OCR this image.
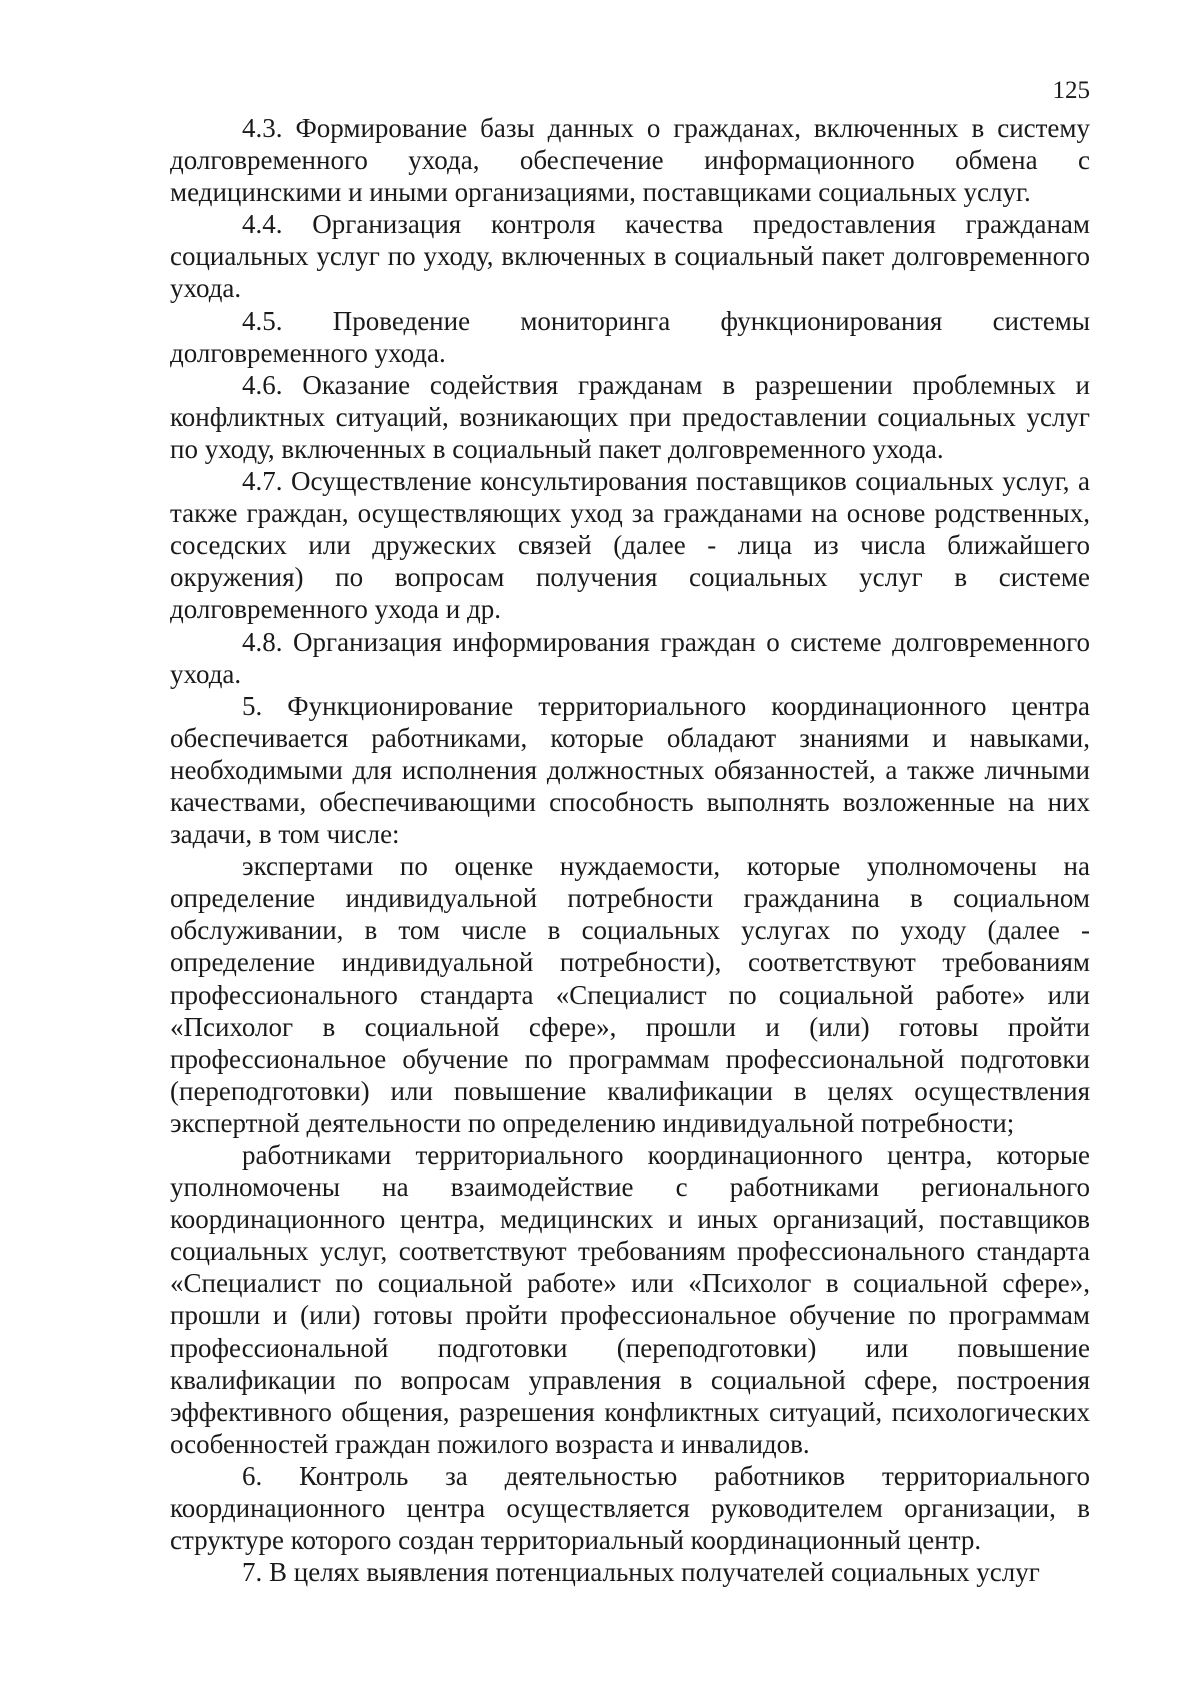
125

4.3. Формирование базы данных о гражданах, включенных в систему долговременного ухода, обеспечение информационного обмена с медицинскими и иными организациями, поставщиками социальных услуг.

4.4. Организация контроля качества предоставления гражданам социальных услуг по уходу, включенных в социальный пакет долговременного ухода.

4.5. Проведение мониторинга функционирования системы долговременного ухода.

4.6. Оказание содействия гражданам в разрешении проблемных и конфликтных ситуаций, возникающих при предоставлении социальных услуг по уходу, включенных в социальный пакет долговременного ухода.

4.7. Осуществление консультирования поставщиков социальных услуг, а также граждан, осуществляющих уход за гражданами на основе родственных, соседских или дружеских связей (далее - лица из числа ближайшего окружения) по вопросам получения социальных услуг в системе долговременного ухода и др.

4.8. Организация информирования граждан о системе долговременного ухода.

5. Функционирование территориального координационного центра обеспечивается работниками, которые обладают знаниями и навыками, необходимыми для исполнения должностных обязанностей, а также личными качествами, обеспечивающими способность выполнять возложенные на них задачи, в том числе:

экспертами по оценке нуждаемости, которые уполномочены на определение индивидуальной потребности гражданина в социальном обслуживании, в том числе в социальных услугах по уходу (далее - определение индивидуальной потребности), соответствуют требованиям профессионального стандарта «Специалист по социальной работе» или «Психолог в социальной сфере», прошли и (или) готовы пройти профессиональное обучение по программам профессиональной подготовки (переподготовки) или повышение квалификации в целях осуществления экспертной деятельности по определению индивидуальной потребности;

работниками территориального координационного центра, которые уполномочены на взаимодействие с работниками регионального координационного центра, медицинских и иных организаций, поставщиков социальных услуг, соответствуют требованиям профессионального стандарта «Специалист по социальной работе» или «Психолог в социальной сфере», прошли и (или) готовы пройти профессиональное обучение по программам профессиональной подготовки (переподготовки) или повышение квалификации по вопросам управления в социальной сфере, построения эффективного общения, разрешения конфликтных ситуаций, психологических особенностей граждан пожилого возраста и инвалидов.

6. Контроль за деятельностью работников территориального координационного центра осуществляется руководителем организации, в структуре которого создан территориальный координационный центр.

7. В целях выявления потенциальных получателей социальных услуг
